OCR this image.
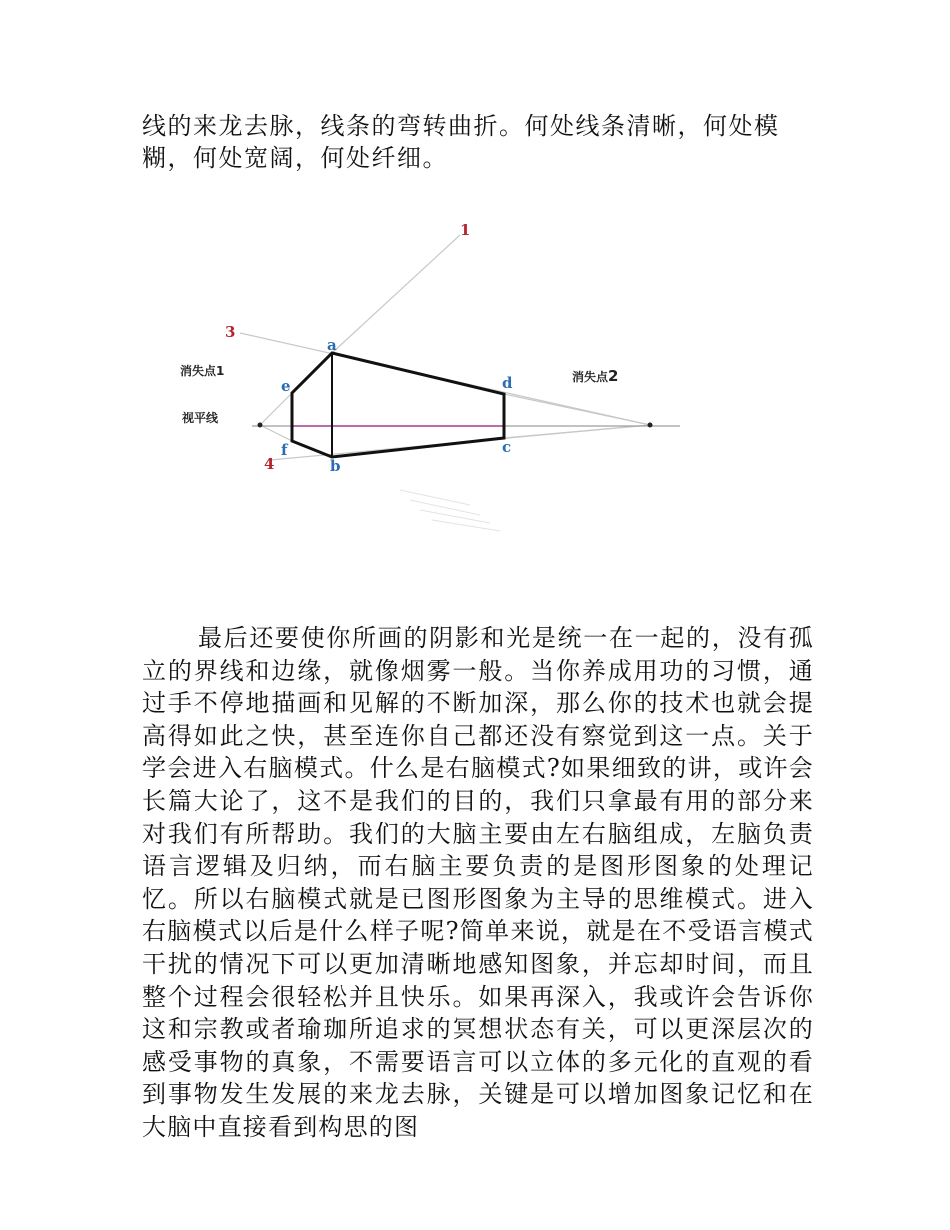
线的来龙去脉，线条的弯转曲折。何处线条清晰，何处模糊，何处宽阔，何处纤细。

1
3
4
a
b
c
d
e
f
消失点1	消失点2
视平线

最后还要使你所画的阴影和光是统一在一起的，没有孤立的界线和边缘，就像烟雾一般。当你养成用功的习惯，通过手不停地描画和见解的不断加深，那么你的技术也就会提高得如此之快，甚至连你自己都还没有察觉到这一点。关于学会进入右脑模式。什么是右脑模式?如果细致的讲，或许会长篇大论了，这不是我们的目的，我们只拿最有用的部分来对我们有所帮助。我们的大脑主要由左右脑组成，左脑负责语言逻辑及归纳，而右脑主要负责的是图形图象的处理记忆。所以右脑模式就是已图形图象为主导的思维模式。进入右脑模式以后是什么样子呢?简单来说，就是在不受语言模式干扰的情况下可以更加清晰地感知图象，并忘却时间，而且整个过程会很轻松并且快乐。如果再深入，我或许会告诉你这和宗教或者瑜珈所追求的冥想状态有关，可以更深层次的感受事物的真象，不需要语言可以立体的多元化的直观的看到事物发生发展的来龙去脉，关键是可以增加图象记忆和在大脑中直接看到构思的图
